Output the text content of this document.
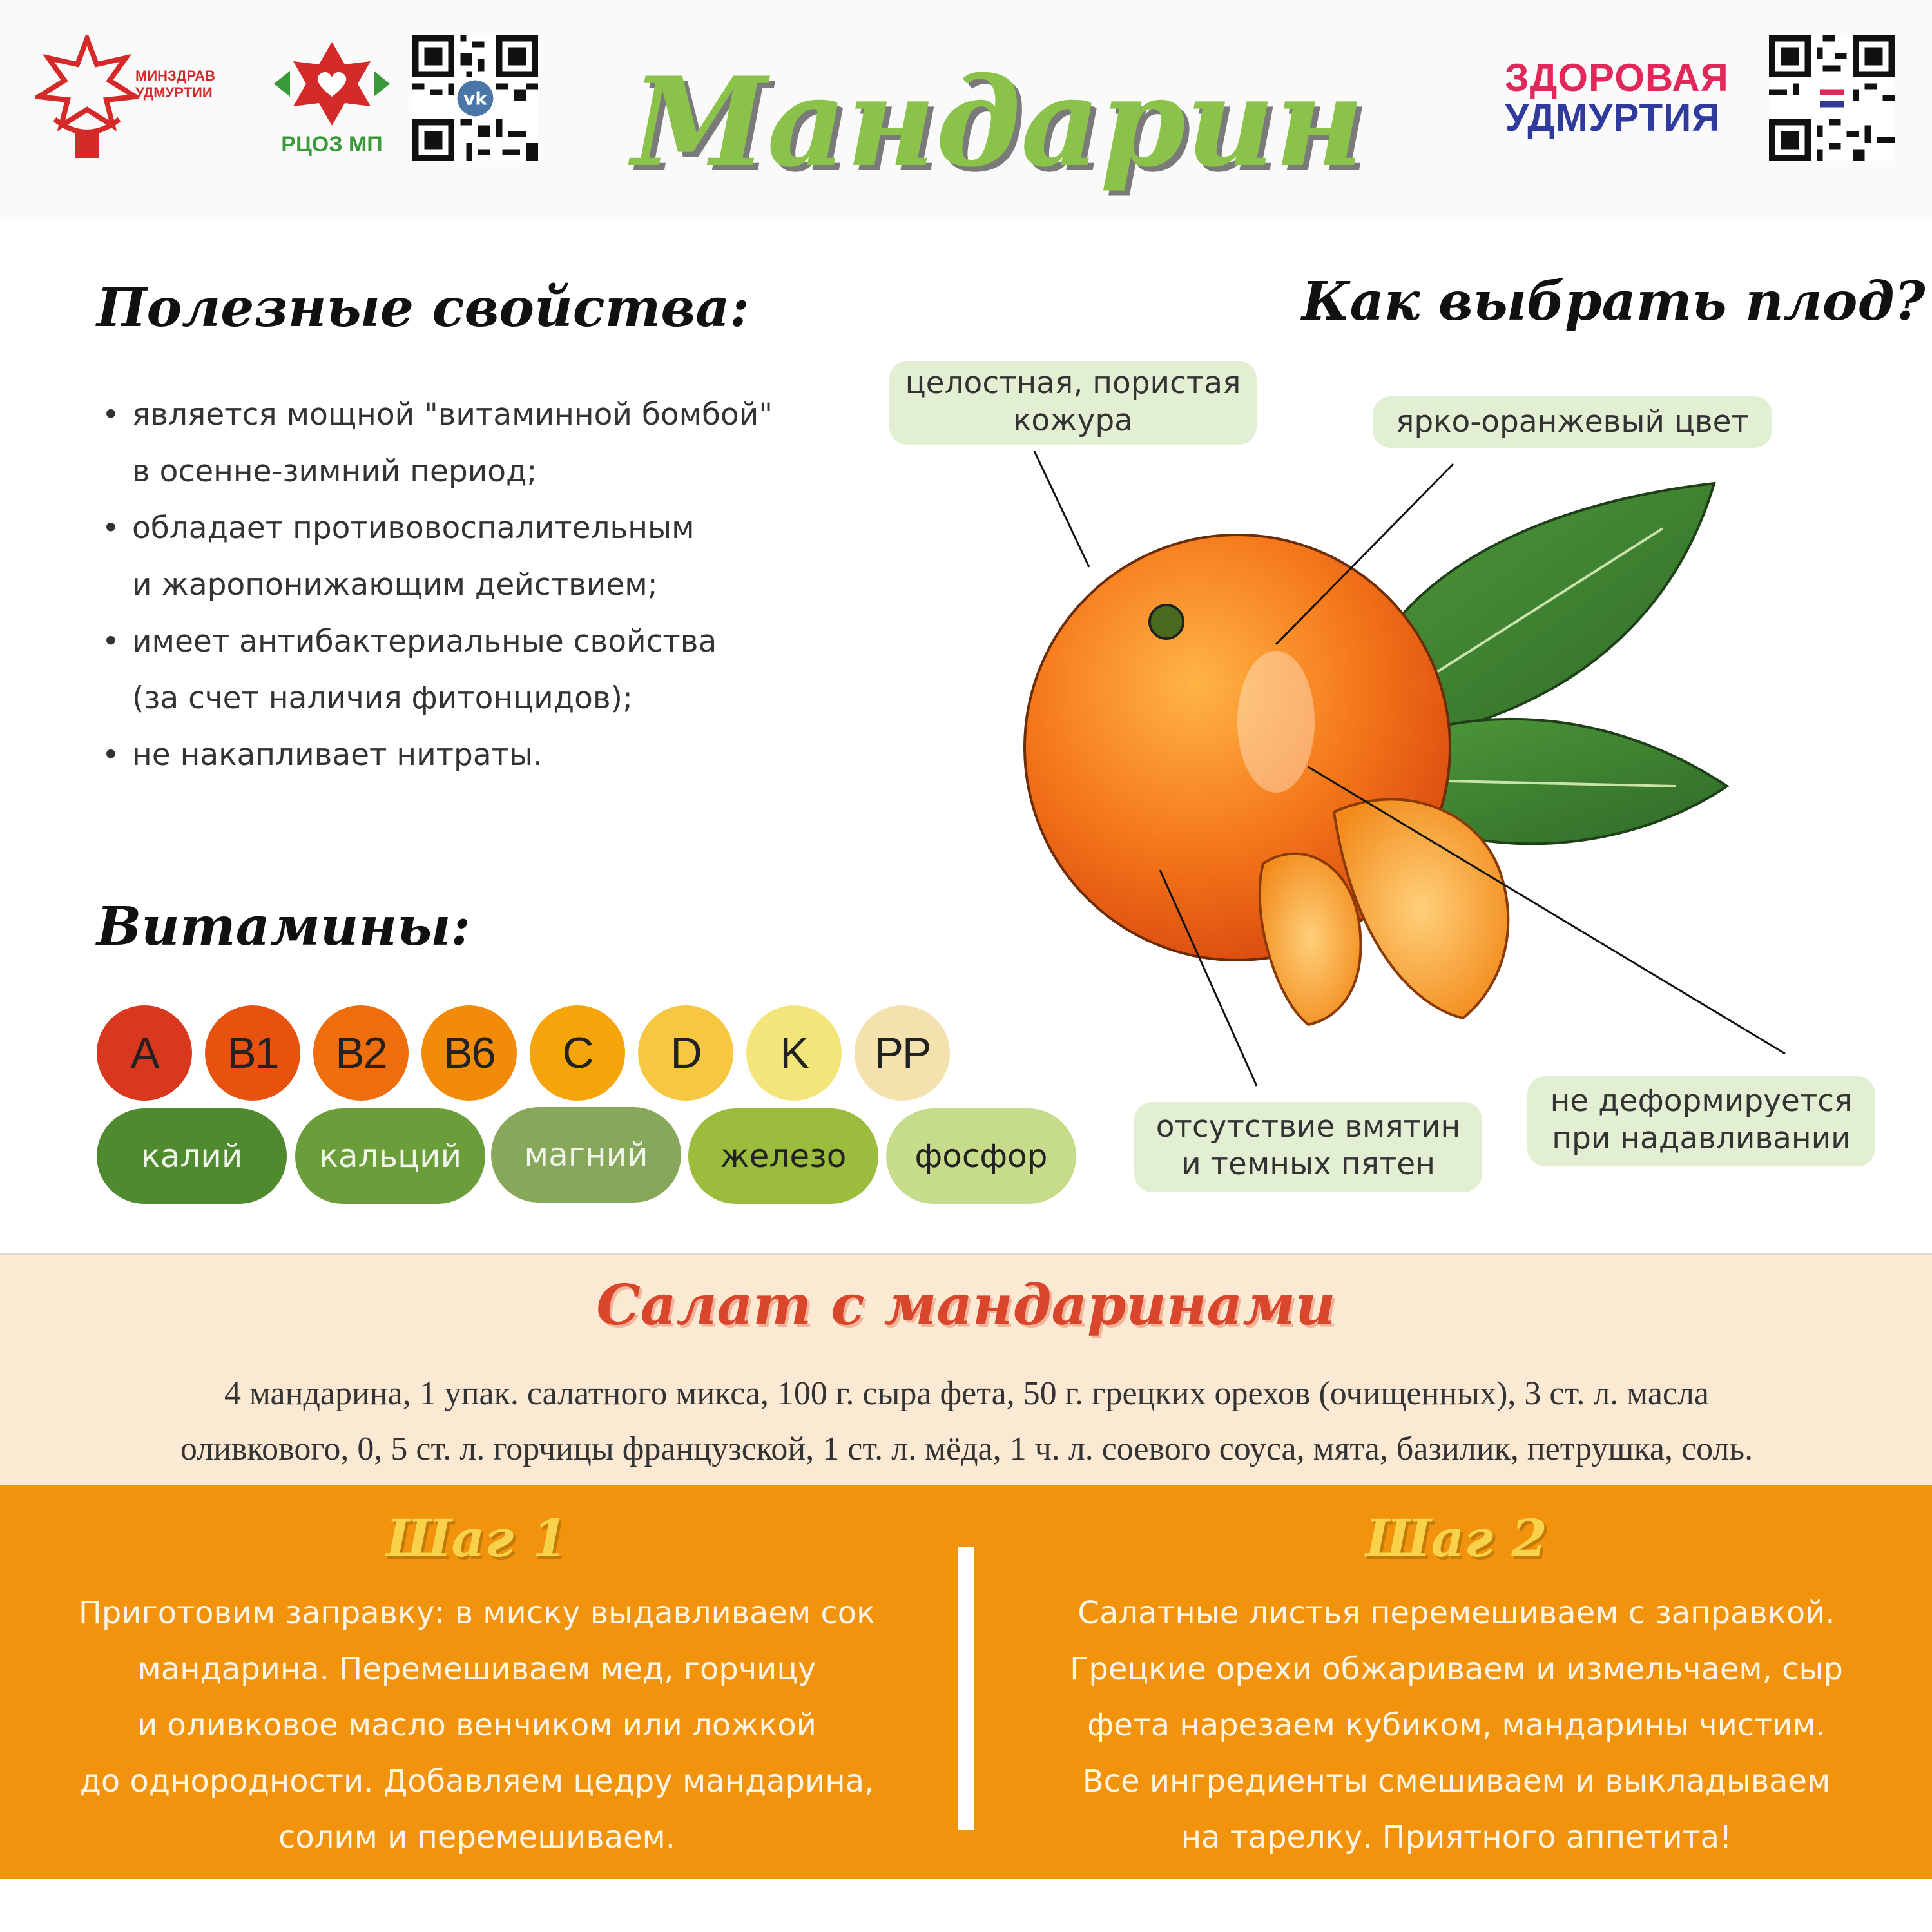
МИНЗДРАВ
УДМУРТИИ
РЦОЗ МП
vk	ЗДОРОВАЯ
УДМУРТИЯ
Мандарин
Полезные свойства:
• является мощной "витаминной бомбой"
в осенне-зимний период;
• обладает противовоспалительным
и жаропонижающим действием;
• имеет антибактериальные свойства
(за счет наличия фитонцидов);
• не накапливает нитраты.
Витамины:
A	B1	B2	B6	C	D	K	PP
калий	кальций	магний	железо	фосфор
Как выбрать плод?
целостная, пористая
кожура	ярко-оранжевый цвет
отсутствие вмятин
и темных пятен
не деформируется
при надавливании
Салат с мандаринами
4 мандарина, 1 упак. салатного микса, 100 г. сыра фета, 50 г. грецких орехов (очищенных), 3 ст. л. масла
оливкового, 0, 5 ст. л. горчицы французской, 1 ст. л. мёда, 1 ч. л. соевого соуса, мята, базилик, петрушка, соль.
Шаг 1
Приготовим заправку: в миску выдавливаем сок
мандарина. Перемешиваем мед, горчицу
и оливковое масло венчиком или ложкой
до однородности. Добавляем цедру мандарина,
солим и перемешиваем.
Шаг 2
Салатные листья перемешиваем с заправкой.
Грецкие орехи обжариваем и измельчаем, сыр
фета нарезаем кубиком, мандарины чистим.
Все ингредиенты смешиваем и выкладываем
на тарелку. Приятного аппетита!
